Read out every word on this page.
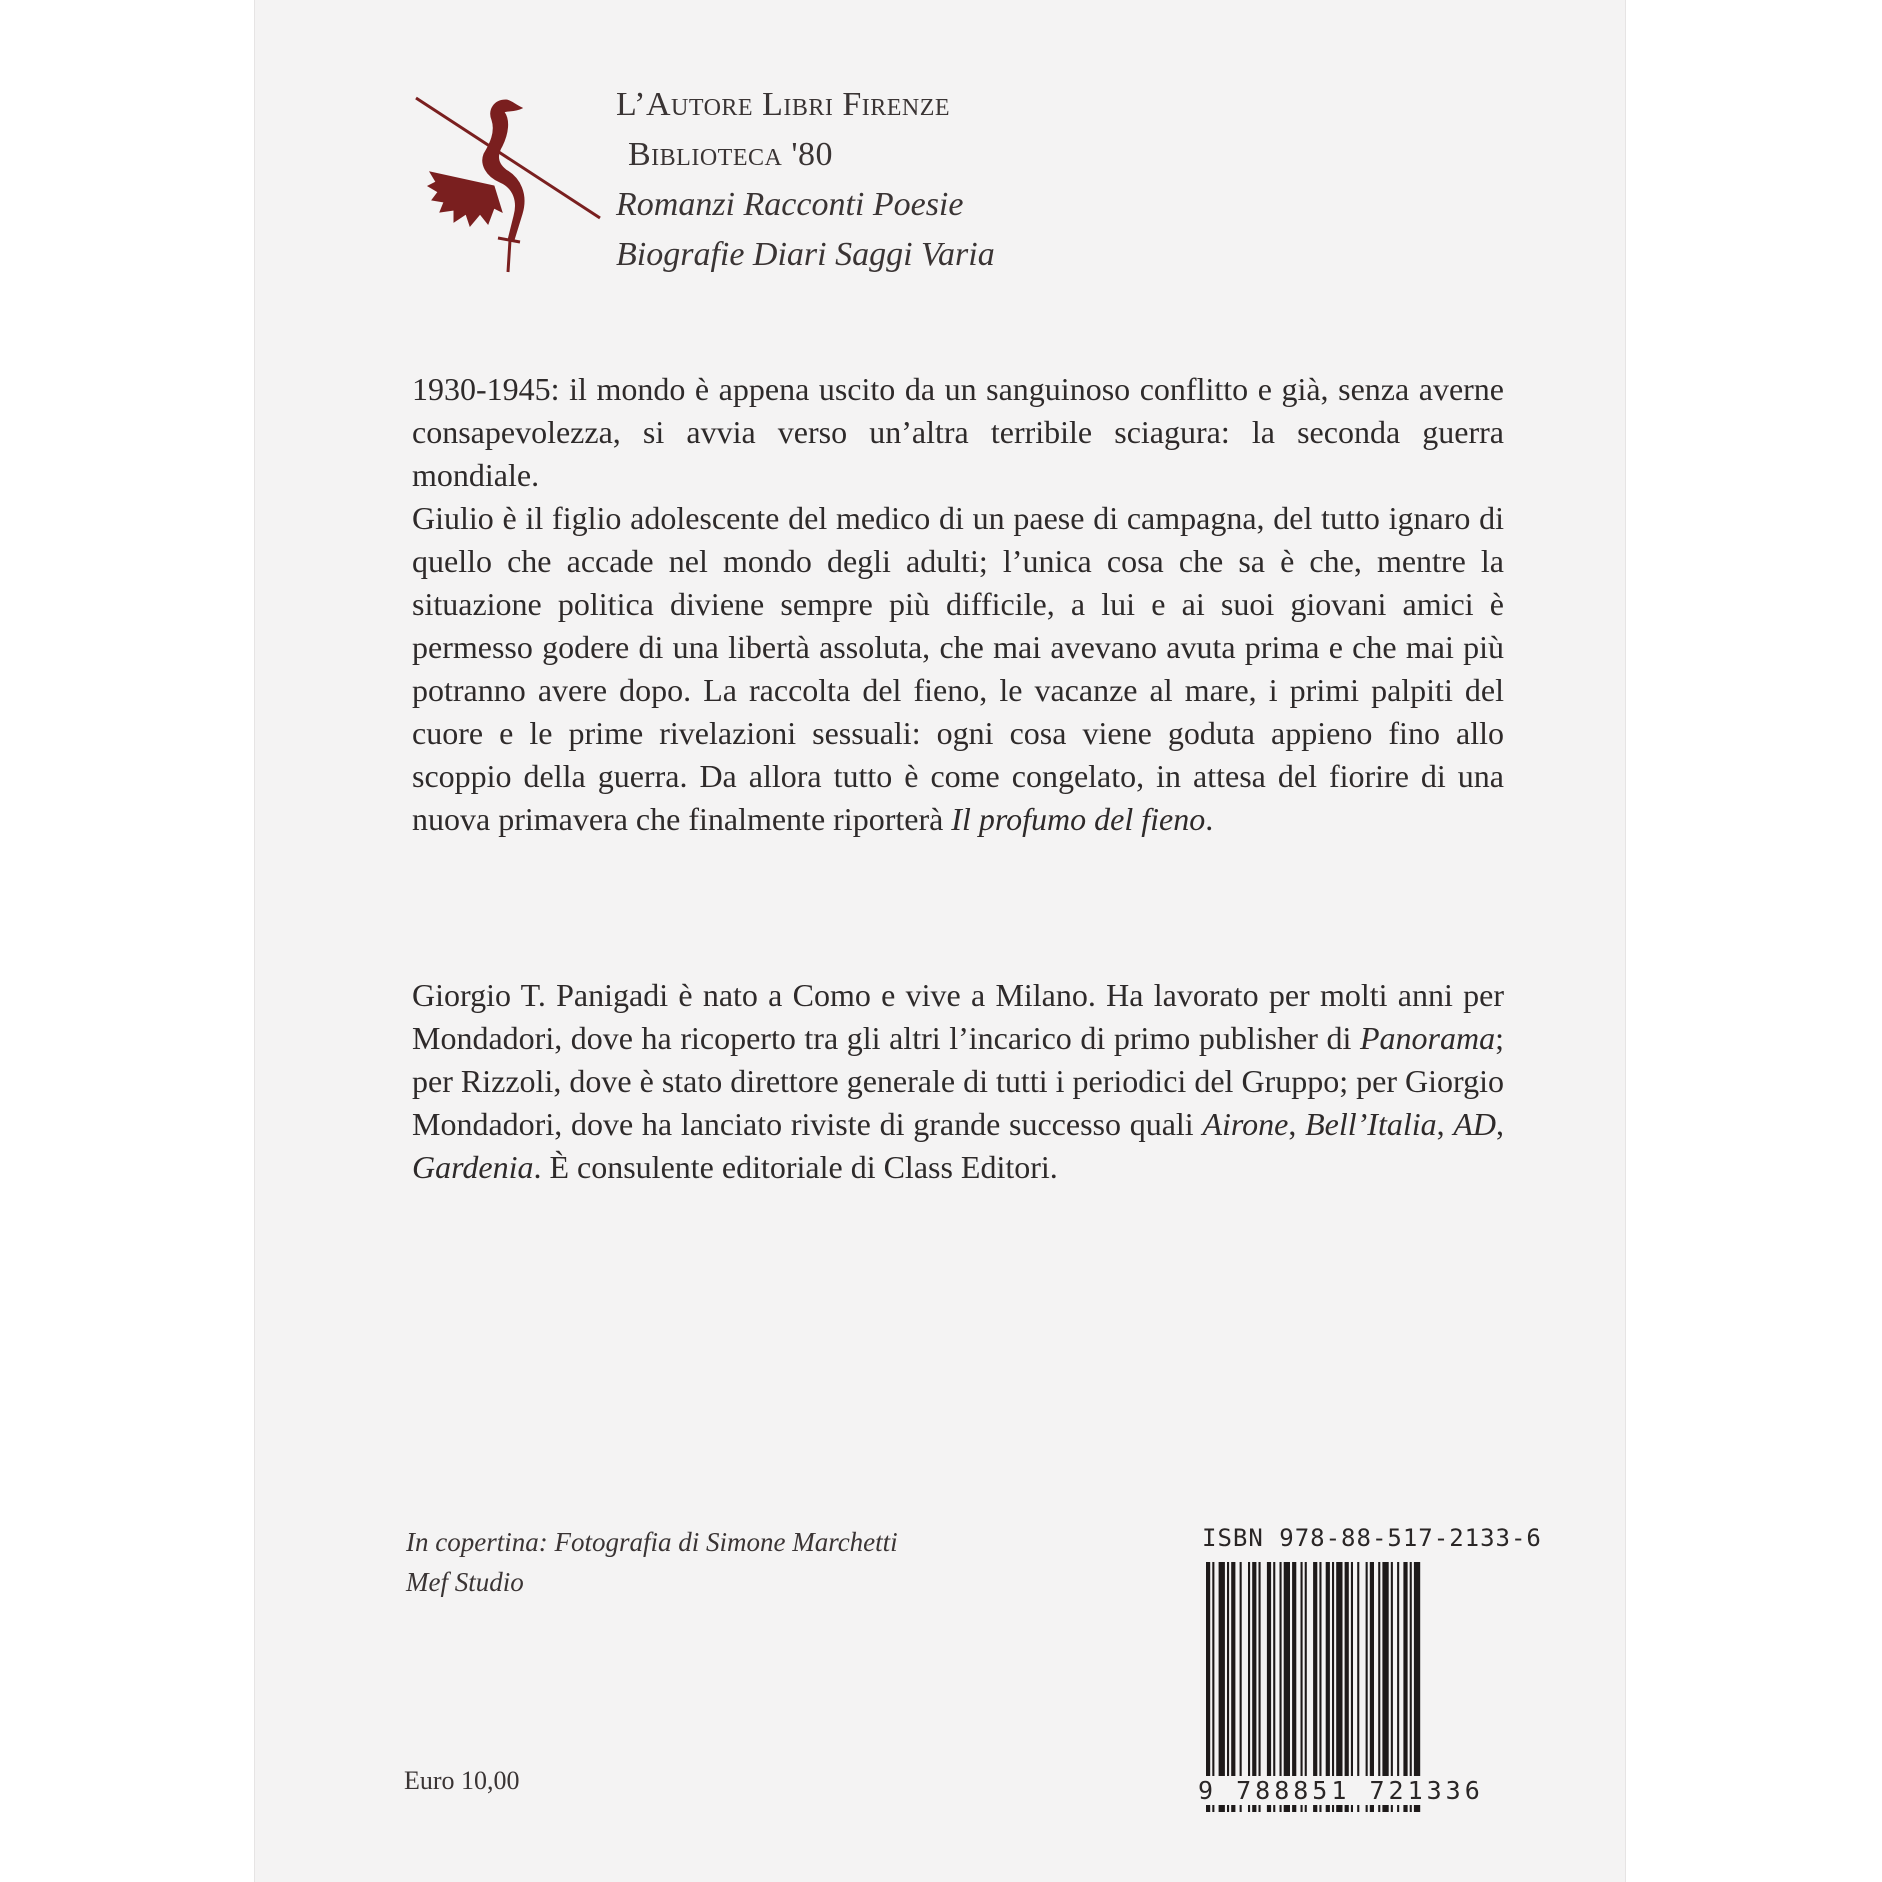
L’Autore Libri Firenze
Biblioteca '80
Romanzi Racconti Poesie
Biografie Diari Saggi Varia

1930-1945: il mondo è appena uscito da un sanguinoso conflitto e già, senza averne consapevolezza, si avvia verso un’altra terribile sciagura: la seconda guerra mondiale.

Giulio è il figlio adolescente del medico di un paese di campagna, del tutto ignaro di quello che accade nel mondo degli adulti; l’unica cosa che sa è che, mentre la situazione politica diviene sempre più difficile, a lui e ai suoi giovani amici è permesso godere di una libertà assoluta, che mai avevano avuta prima e che mai più potranno avere dopo. La raccolta del fieno, le vacanze al mare, i primi palpiti del cuore e le prime rivelazioni sessuali: ogni cosa viene goduta appieno fino allo scoppio della guerra. Da allora tutto è come congelato, in attesa del fiorire di una nuova primavera che finalmente riporterà Il profumo del fieno.

Giorgio T. Panigadi è nato a Como e vive a Milano. Ha lavorato per molti anni per Mondadori, dove ha ricoperto tra gli altri l’incarico di primo publisher di Panorama; per Rizzoli, dove è stato direttore generale di tutti i periodici del Gruppo; per Giorgio Mondadori, dove ha lanciato riviste di grande successo quali Airone, Bell’Italia, AD, Gardenia. È consulente editoriale di Class Editori.

In copertina: Fotografia di Simone Marchetti
Mef Studio
Euro 10,00
ISBN 978-88-517-2133-6
9 788851 721336
